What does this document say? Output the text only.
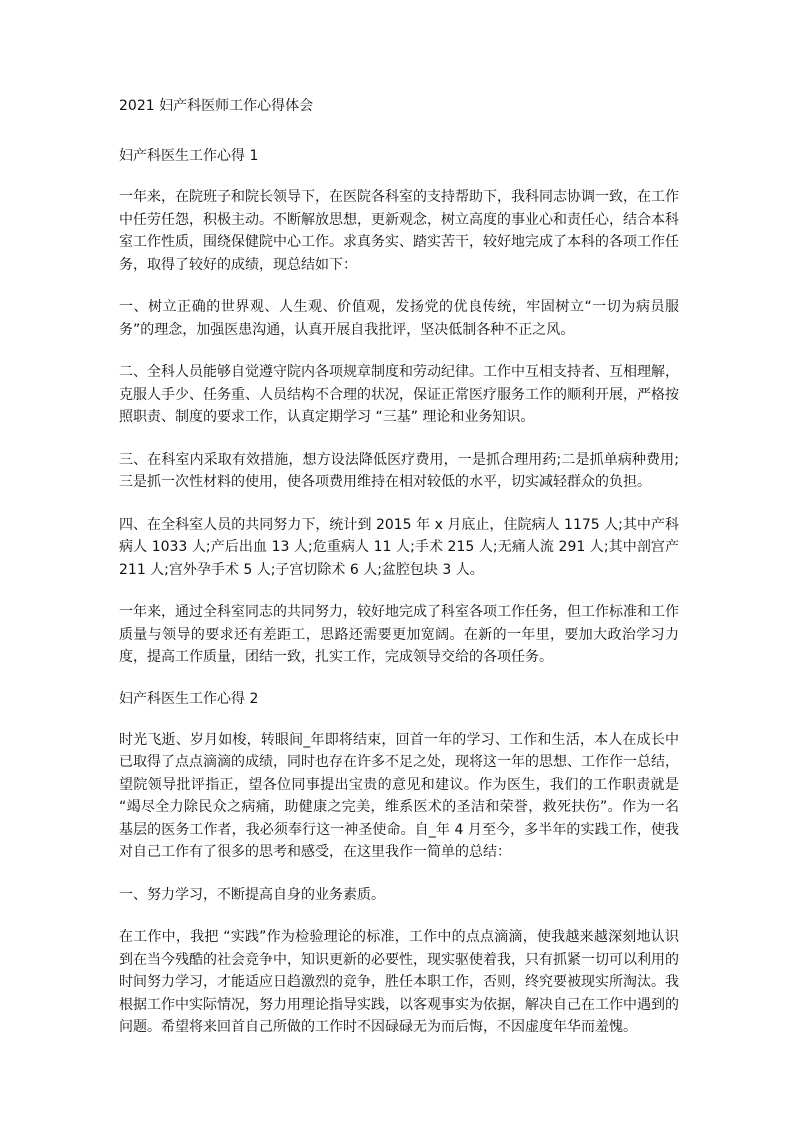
2021 妇产科医师工作心得体会
妇产科医生工作心得 1

一年来，在院班子和院长领导下，在医院各科室的支持帮助下，我科同志协调一致，在工作中任劳任怨，积极主动。不断解放思想，更新观念，树立高度的事业心和责任心，结合本科室工作性质，围绕保健院中心工作。求真务实、踏实苦干，较好地完成了本科的各项工作任务，取得了较好的成绩，现总结如下：

一、树立正确的世界观、人生观、价值观，发扬党的优良传统，牢固树立“一切为病员服务”的理念，加强医患沟通，认真开展自我批评，坚决低制各种不正之风。

二、全科人员能够自觉遵守院内各项规章制度和劳动纪律。工作中互相支持者、互相理解，克服人手少、任务重、人员结构不合理的状况，保证正常医疗服务工作的顺利开展，严格按照职责、制度的要求工作，认真定期学习 “三基” 理论和业务知识。

三、在科室内采取有效措施，想方设法降低医疗费用，一是抓合理用药;二是抓单病种费用;三是抓一次性材料的使用，使各项费用维持在相对较低的水平，切实减轻群众的负担。

四、在全科室人员的共同努力下，统计到 2015 年 x 月底止，住院病人 1175 人;其中产科病人 1033 人;产后出血 13 人;危重病人 11 人;手术 215 人;无痛人流 291 人;其中剖宫产 211 人;宫外孕手术 5 人;子宫切除术 6 人;盆腔包块 3 人。

一年来，通过全科室同志的共同努力，较好地完成了科室各项工作任务，但工作标准和工作质量与领导的要求还有差距工，思路还需要更加宽阔。在新的一年里，要加大政治学习力度，提高工作质量，团结一致，扎实工作，完成领导交给的各项任务。

妇产科医生工作心得 2

时光飞逝、岁月如梭，转眼间_年即将结束，回首一年的学习、工作和生活，本人在成长中已取得了点点滴滴的成绩，同时也存在许多不足之处，现将这一年的思想、工作作一总结，望院领导批评指正，望各位同事提出宝贵的意见和建议。作为医生，我们的工作职责就是 “竭尽全力除民众之病痛，助健康之完美，维系医术的圣洁和荣誉，救死扶伤”。作为一名基层的医务工作者，我必须奉行这一神圣使命。自_年 4 月至今，多半年的实践工作，使我对自己工作有了很多的思考和感受，在这里我作一简单的总结：

一、努力学习，不断提高自身的业务素质。

在工作中，我把 “实践”作为检验理论的标准，工作中的点点滴滴，使我越来越深刻地认识到在当今残酷的社会竞争中，知识更新的必要性，现实驱使着我，只有抓紧一切可以利用的时间努力学习，才能适应日趋激烈的竞争，胜任本职工作，否则，终究要被现实所淘汰。我根据工作中实际情况，努力用理论指导实践，以客观事实为依据，解决自己在工作中遇到的问题。希望将来回首自己所做的工作时不因碌碌无为而后悔，不因虚度年华而羞愧。
